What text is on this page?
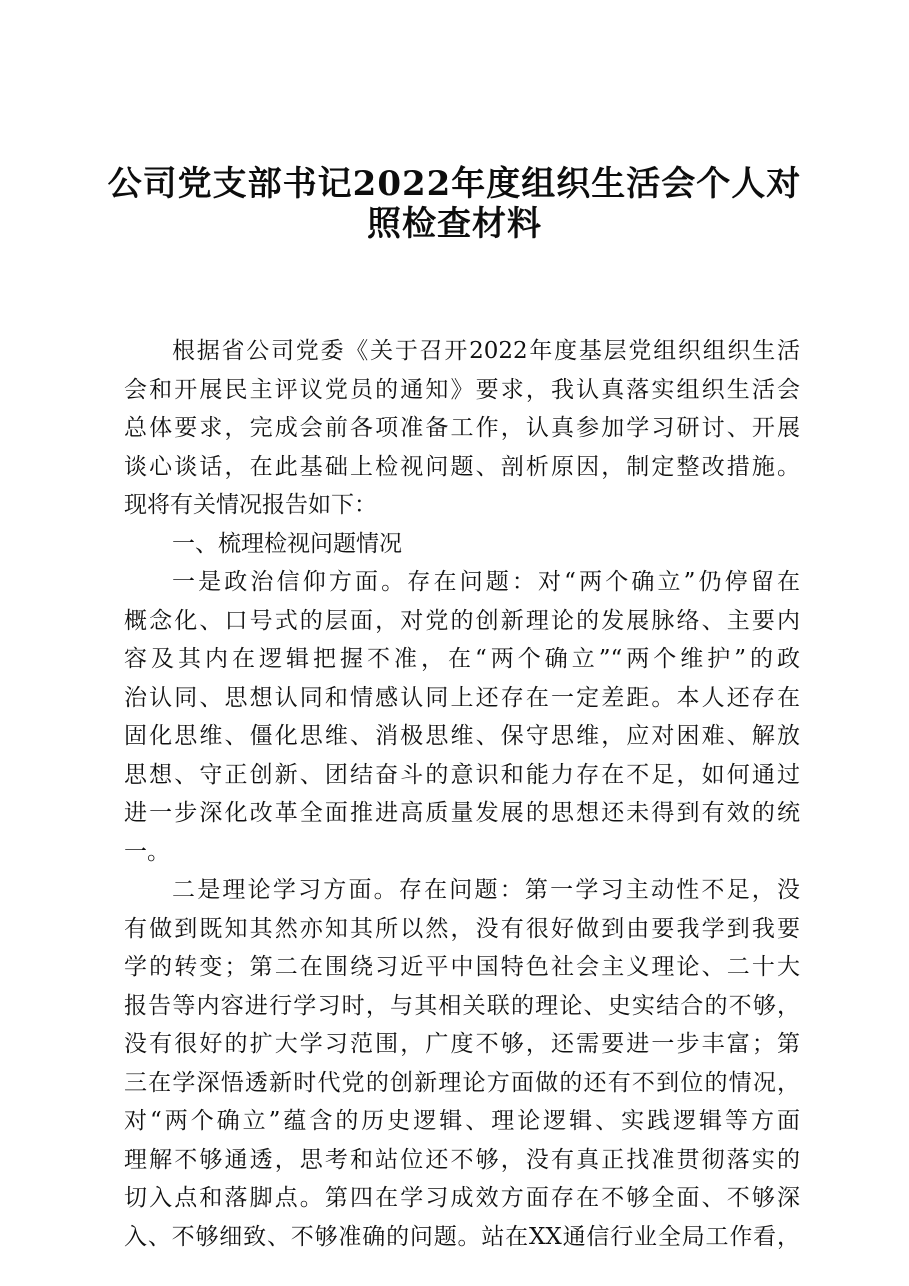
公司党支部书记2022年度组织生活会个人对
照检查材料
根据省公司党委《关于召开2022年度基层党组织组织生活
会和开展民主评议党员的通知》要求，我认真落实组织生活会
总体要求，完成会前各项准备工作，认真参加学习研讨、开展
谈心谈话，在此基础上检视问题、剖析原因，制定整改措施。
现将有关情况报告如下：
一、梳理检视问题情况
一是政治信仰方面。存在问题：对“两个确立”仍停留在
概念化、口号式的层面，对党的创新理论的发展脉络、主要内
容及其内在逻辑把握不准，在“两个确立”“两个维护”的政
治认同、思想认同和情感认同上还存在一定差距。本人还存在
固化思维、僵化思维、消极思维、保守思维，应对困难、解放
思想、守正创新、团结奋斗的意识和能力存在不足，如何通过
进一步深化改革全面推进高质量发展的思想还未得到有效的统
一。
二是理论学习方面。存在问题：第一学习主动性不足，没
有做到既知其然亦知其所以然，没有很好做到由要我学到我要
学的转变；第二在围绕习近平中国特色社会主义理论、二十大
报告等内容进行学习时，与其相关联的理论、史实结合的不够，
没有很好的扩大学习范围，广度不够，还需要进一步丰富；第
三在学深悟透新时代党的创新理论方面做的还有不到位的情况，
对“两个确立”蕴含的历史逻辑、理论逻辑、实践逻辑等方面
理解不够通透，思考和站位还不够，没有真正找准贯彻落实的
切入点和落脚点。第四在学习成效方面存在不够全面、不够深
入、不够细致、不够准确的问题。站在XX通信行业全局工作看，
